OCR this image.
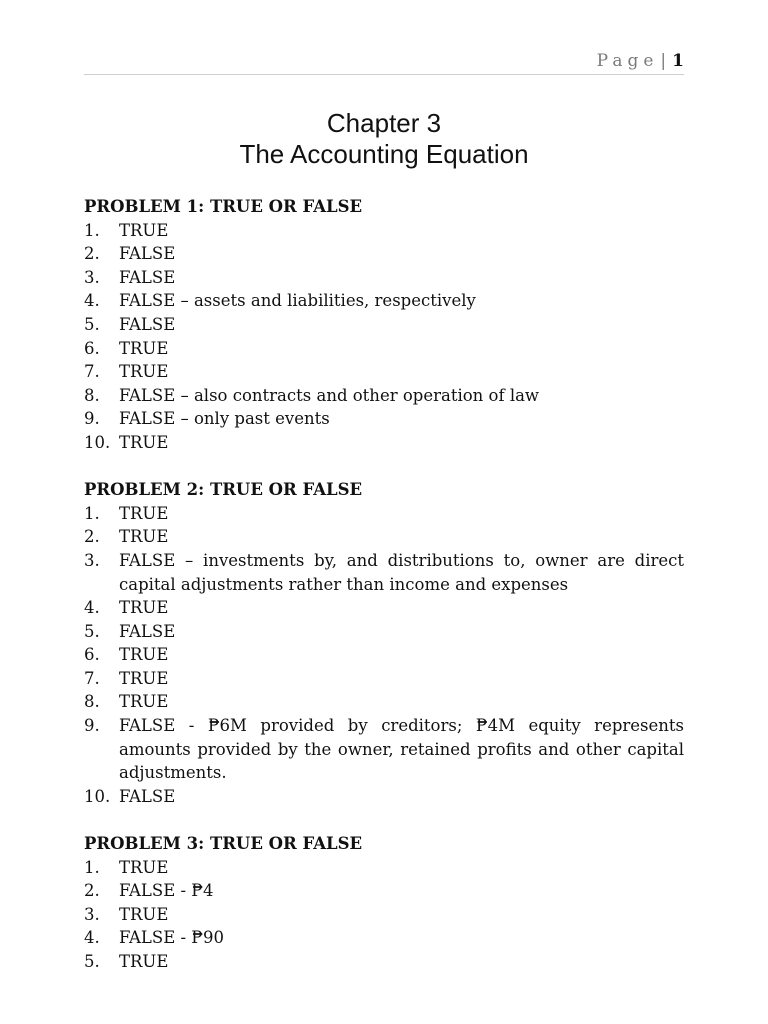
Page | 1
Chapter 3
The Accounting Equation
PROBLEM 1: TRUE OR FALSE
1.	TRUE
2.	FALSE
3.	FALSE
4.	FALSE – assets and liabilities, respectively
5.	FALSE
6.	TRUE
7.	TRUE
8.	FALSE – also contracts and other operation of law
9.	FALSE – only past events
10. TRUE
PROBLEM 2: TRUE OR FALSE
1.	TRUE
2.	TRUE
3.	FALSE – investments by, and distributions to, owner are direct capital adjustments rather than income and expenses
4.	TRUE
5.	FALSE
6.	TRUE
7.	TRUE
8.	TRUE
9.	FALSE - ₱6M provided by creditors; ₱4M equity represents amounts provided by the owner, retained profits and other capital adjustments.
10. FALSE
PROBLEM 3: TRUE OR FALSE
1.	TRUE
2.	FALSE - ₱4
3.	TRUE
4.	FALSE - ₱90
5.	TRUE
